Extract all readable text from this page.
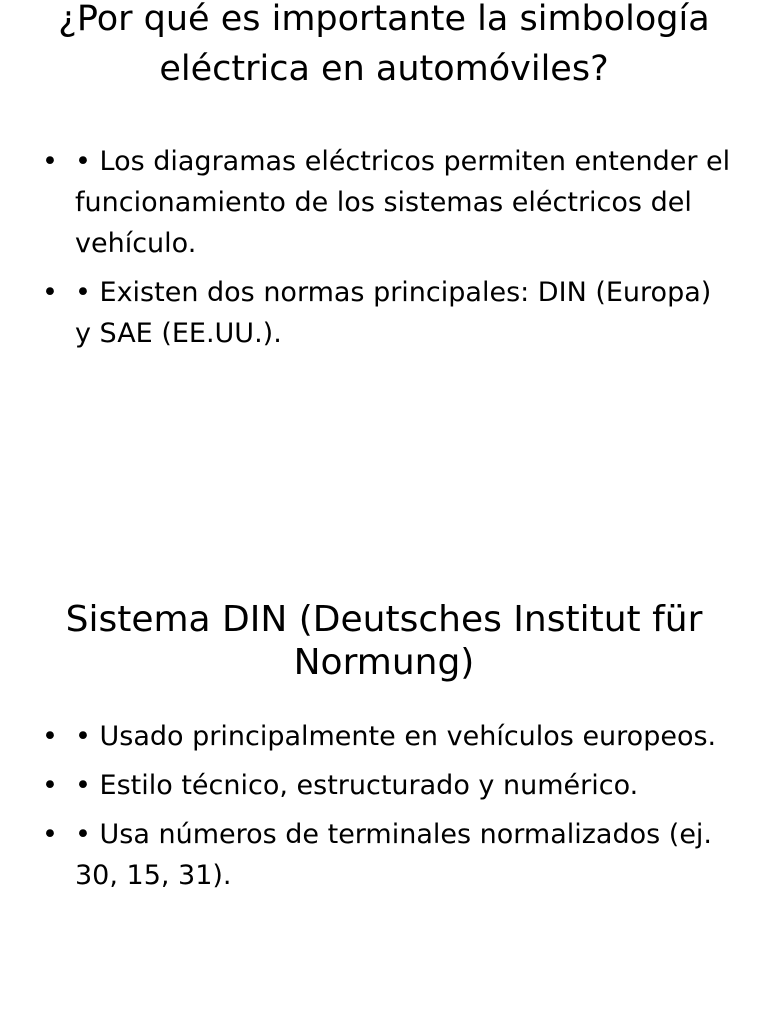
¿Por qué es importante la simbología eléctrica en automóviles?
• • Los diagramas eléctricos permiten entender el funcionamiento de los sistemas eléctricos del vehículo.
• • Existen dos normas principales: DIN (Europa) y SAE (EE.UU.).
Sistema DIN (Deutsches Institut für Normung)
• • Usado principalmente en vehículos europeos.
• • Estilo técnico, estructurado y numérico.
• • Usa números de terminales normalizados (ej. 30, 15, 31).
